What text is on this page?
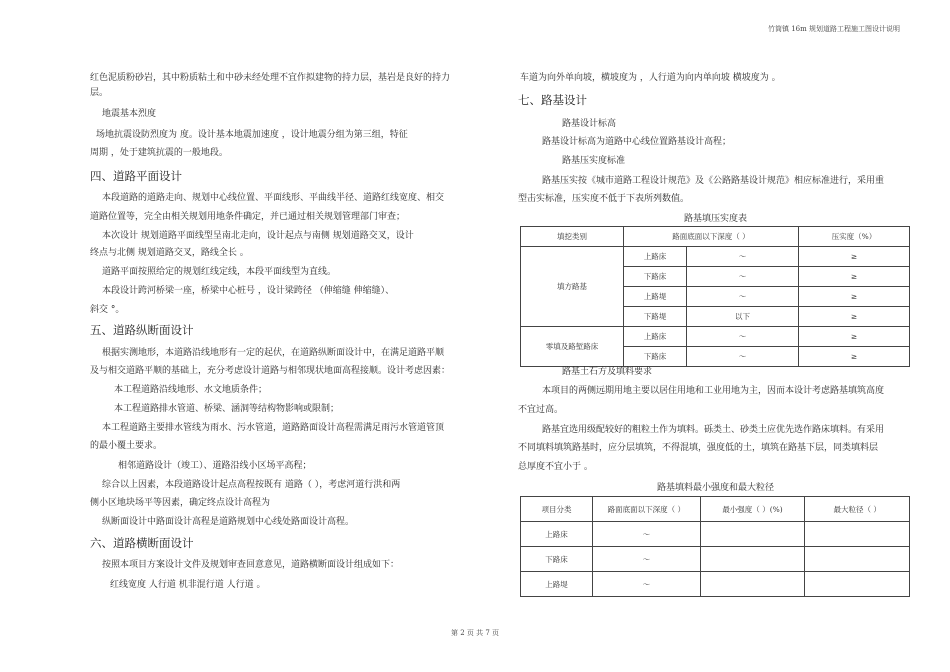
竹筒镇 16m 规划道路工程施工图设计说明
红色泥质粉砂岩，其中粉质粘土和中砂未经处理不宜作拟建物的持力层，基岩是良好的持力
层。
地震基本烈度
场地抗震设防烈度为 度。设计基本地震加速度 ，设计地震分组为第三组，特征
周期 ，处于建筑抗震的一般地段。
四、道路平面设计
本段道路的道路走向、规划中心线位置、平面线形、平曲线半径、道路红线宽度、相交
道路位置等，完全由相关规划用地条件确定，并已通过相关规划管理部门审查；
本次设计 规划道路平面线型呈南北走向，设计起点与南侧 规划道路交叉，设计
终点与北侧 规划道路交叉，路线全长 。
道路平面按照给定的规划红线定线，本段平面线型为直线。
本段设计跨河桥梁一座，桥梁中心桩号 ，设计梁跨径 （伸缩缝 伸缩缝）、
斜交 °。
五、道路纵断面设计
根据实测地形，本道路沿线地形有一定的起伏，在道路纵断面设计中，在满足道路平顺
及与相交道路平顺的基础上，充分考虑设计道路与相邻现状地面高程接顺。设计考虑因素：
本工程道路沿线地形、水文地质条件；
本工程道路排水管道、桥梁、涵洞等结构物影响或限制；
本工程道路主要排水管线为雨水、污水管道，道路路面设计高程需满足雨污水管道管顶
的最小覆土要求。
相邻道路设计（竣工）、道路沿线小区场平高程；
综合以上因素，本段道路设计起点高程按既有 道路（ ），考虑河道行洪和两
侧小区地块场平等因素，确定终点设计高程为
纵断面设计中路面设计高程是道路规划中心线处路面设计高程。
六、道路横断面设计
按照本项目方案设计文件及规划审查回意意见，道路横断面设计组成如下：
红线宽度 人行道 机非混行道 人行道 。
车道为向外单向坡，横坡度为 ，人行道为向内单向坡 横坡度为 。
七、路基设计
路基设计标高
路基设计标高为道路中心线位置路基设计高程；
路基压实度标准
路基压实按《城市道路工程设计规范》及《公路路基设计规范》相应标准进行，采用重
型击实标准，压实度不低于下表所列数值。
路基填压实度表
填挖类别	路面底面以下深度（ ）		压实度（%）
填方路基	上路床	～	≥
	下路床	～	≥
	上路堤	～	≥
	下路堤	以下	≥
零填及路堑路床	上路床	～	≥
	下路床	～	≥
路基土石方及填料要求
本项目的两侧远期用地主要以居住用地和工业用地为主，因而本设计考虑路基填筑高度
不宜过高。
路基宜选用级配较好的粗粒土作为填料。砾类土、砂类土应优先选作路床填料。有采用
不同填料填筑路基时，应分层填筑，不得混填，强度低的土，填筑在路基下层，同类填料层
总厚度不宜小于 。
路基填料最小强度和最大粒径
项目分类	路面底面以下深度（ ）	最小强度（ ）(%)	最大粒径（ ）
上路床	～		
下路床	～		
上路堤	～		
第 2 页 共 7 页
